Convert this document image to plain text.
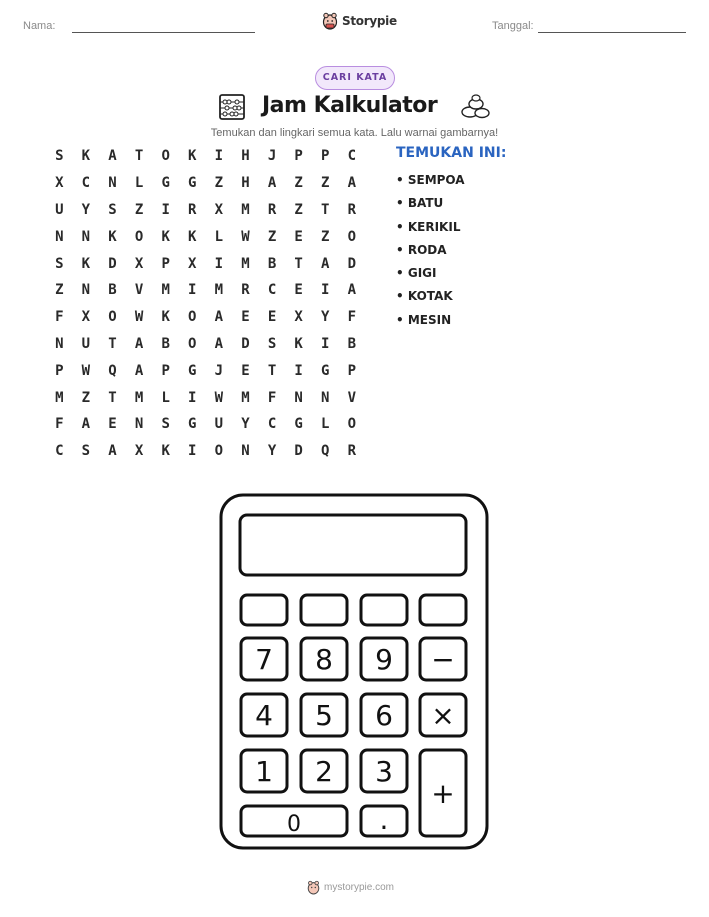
Nama:	Storypie	Tanggal:
CARI KATA
Jam Kalkulator
Temukan dan lingkari semua kata. Lalu warnai gambarnya!
S	K	A	T	O	K	I	H	J	P	P	C
X	C	N	L	G	G	Z	H	A	Z	Z	A
U	Y	S	Z	I	R	X	M	R	Z	T	R
N	N	K	O	K	K	L	W	Z	E	Z	O
S	K	D	X	P	X	I	M	B	T	A	D
Z	N	B	V	M	I	M	R	C	E	I	A
F	X	O	W	K	O	A	E	E	X	Y	F
N	U	T	A	B	O	A	D	S	K	I	B
P	W	Q	A	P	G	J	E	T	I	G	P
M	Z	T	M	L	I	W	M	F	N	N	V
F	A	E	N	S	G	U	Y	C	G	L	O
C	S	A	X	K	I	O	N	Y	D	Q	R
TEMUKAN INI:
• SEMPOA
• BATU
• KERIKIL
• RODA
• GIGI
• KOTAK
• MESIN
7 8 9 −
4 5 6 ×
1 2 3
+
0	.
mystorypie.com
